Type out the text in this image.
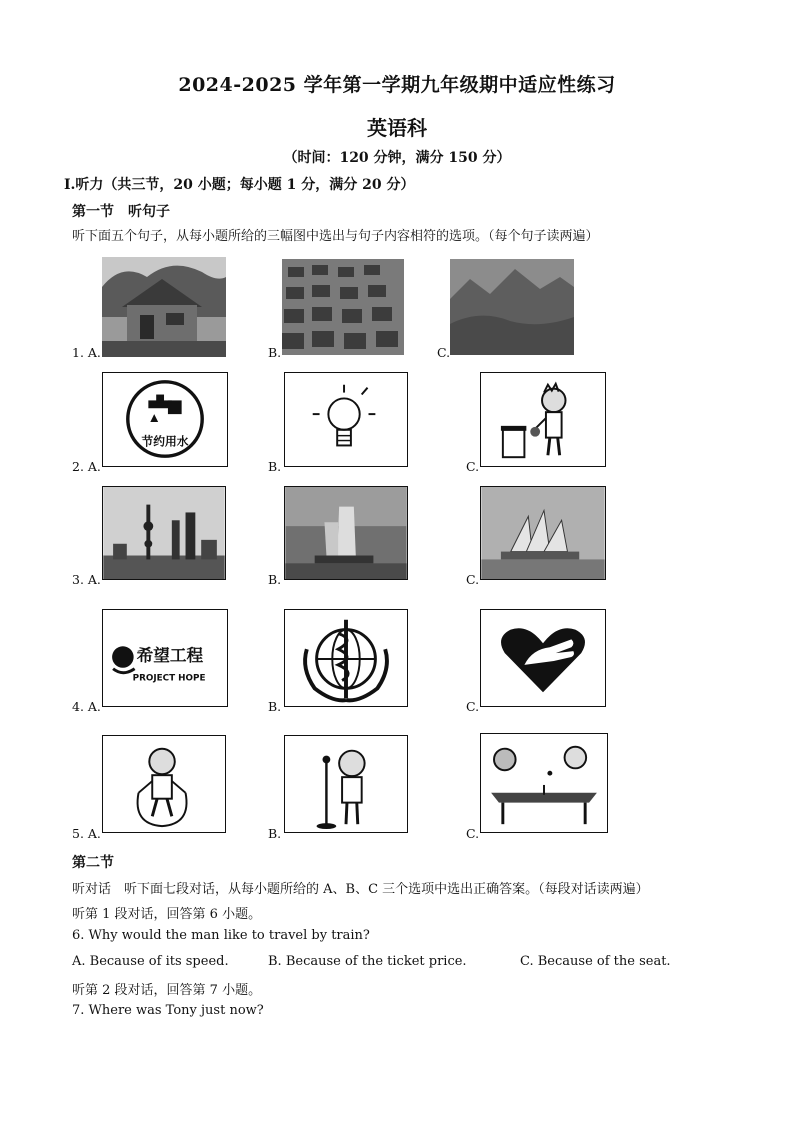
2024-2025 学年第一学期九年级期中适应性练习
英语科
（时间：120 分钟，满分 150 分）
Ⅰ.听力（共三节，20 小题；每小题 1 分，满分 20 分）
第一节　听句子
听下面五个句子，从每小题所给的三幅图中选出与句子内容相符的选项。（每个句子读两遍）
1. A.	B.	C.
2. A.
节约用水
B.	C.
3. A.	B.	C.
4. A.
希望工程
PROJECT HOPE
B.	C.
5. A.	B.	C.
第二节
听对话　听下面七段对话，从每小题所给的 A、B、C 三个选项中选出正确答案。（每段对话读两遍）
听第 1 段对话，回答第 6 小题。
6. Why would the man like to travel by train?
A. Because of its speed.	B. Because of the ticket price.	C. Because of the seat.
听第 2 段对话，回答第 7 小题。
7. Where was Tony just now?
